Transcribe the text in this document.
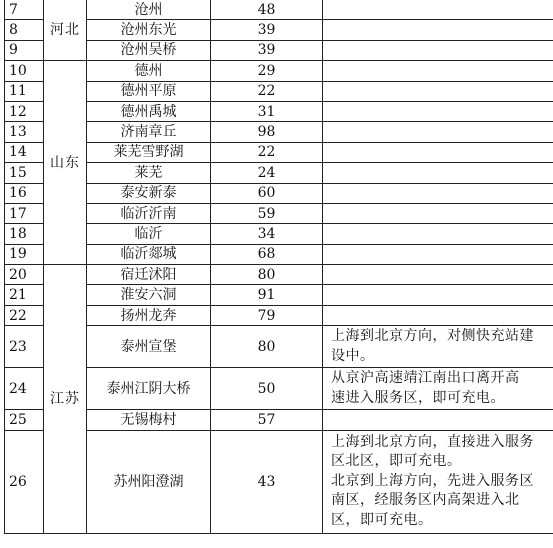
7	河北	沧州	48	
8		沧州东光	39	
9		沧州吴桥	39	
10	山东	德州	29	
11		德州平原	22	
12		德州禹城	31	
13		济南章丘	98	
14		莱芜雪野湖	22	
15		莱芜	24	
16		泰安新泰	60	
17		临沂沂南	59	
18		临沂	34	
19		临沂郯城	68	
20	江苏	宿迁沭阳	80	
21		淮安六洞	91	
22		扬州龙奔	79	
23		泰州宣堡	80	上海到北京方向，对侧快充站建
设中。

24		泰州江阴大桥	50	从京沪高速靖江南出口离开高
速进入服务区，即可充电。

25		无锡梅村	57	
26		苏州阳澄湖	43	上海到北京方向，直接进入服务
区北区，即可充电。
北京到上海方向，先进入服务区
南区，经服务区内高架进入北
区，即可充电。
